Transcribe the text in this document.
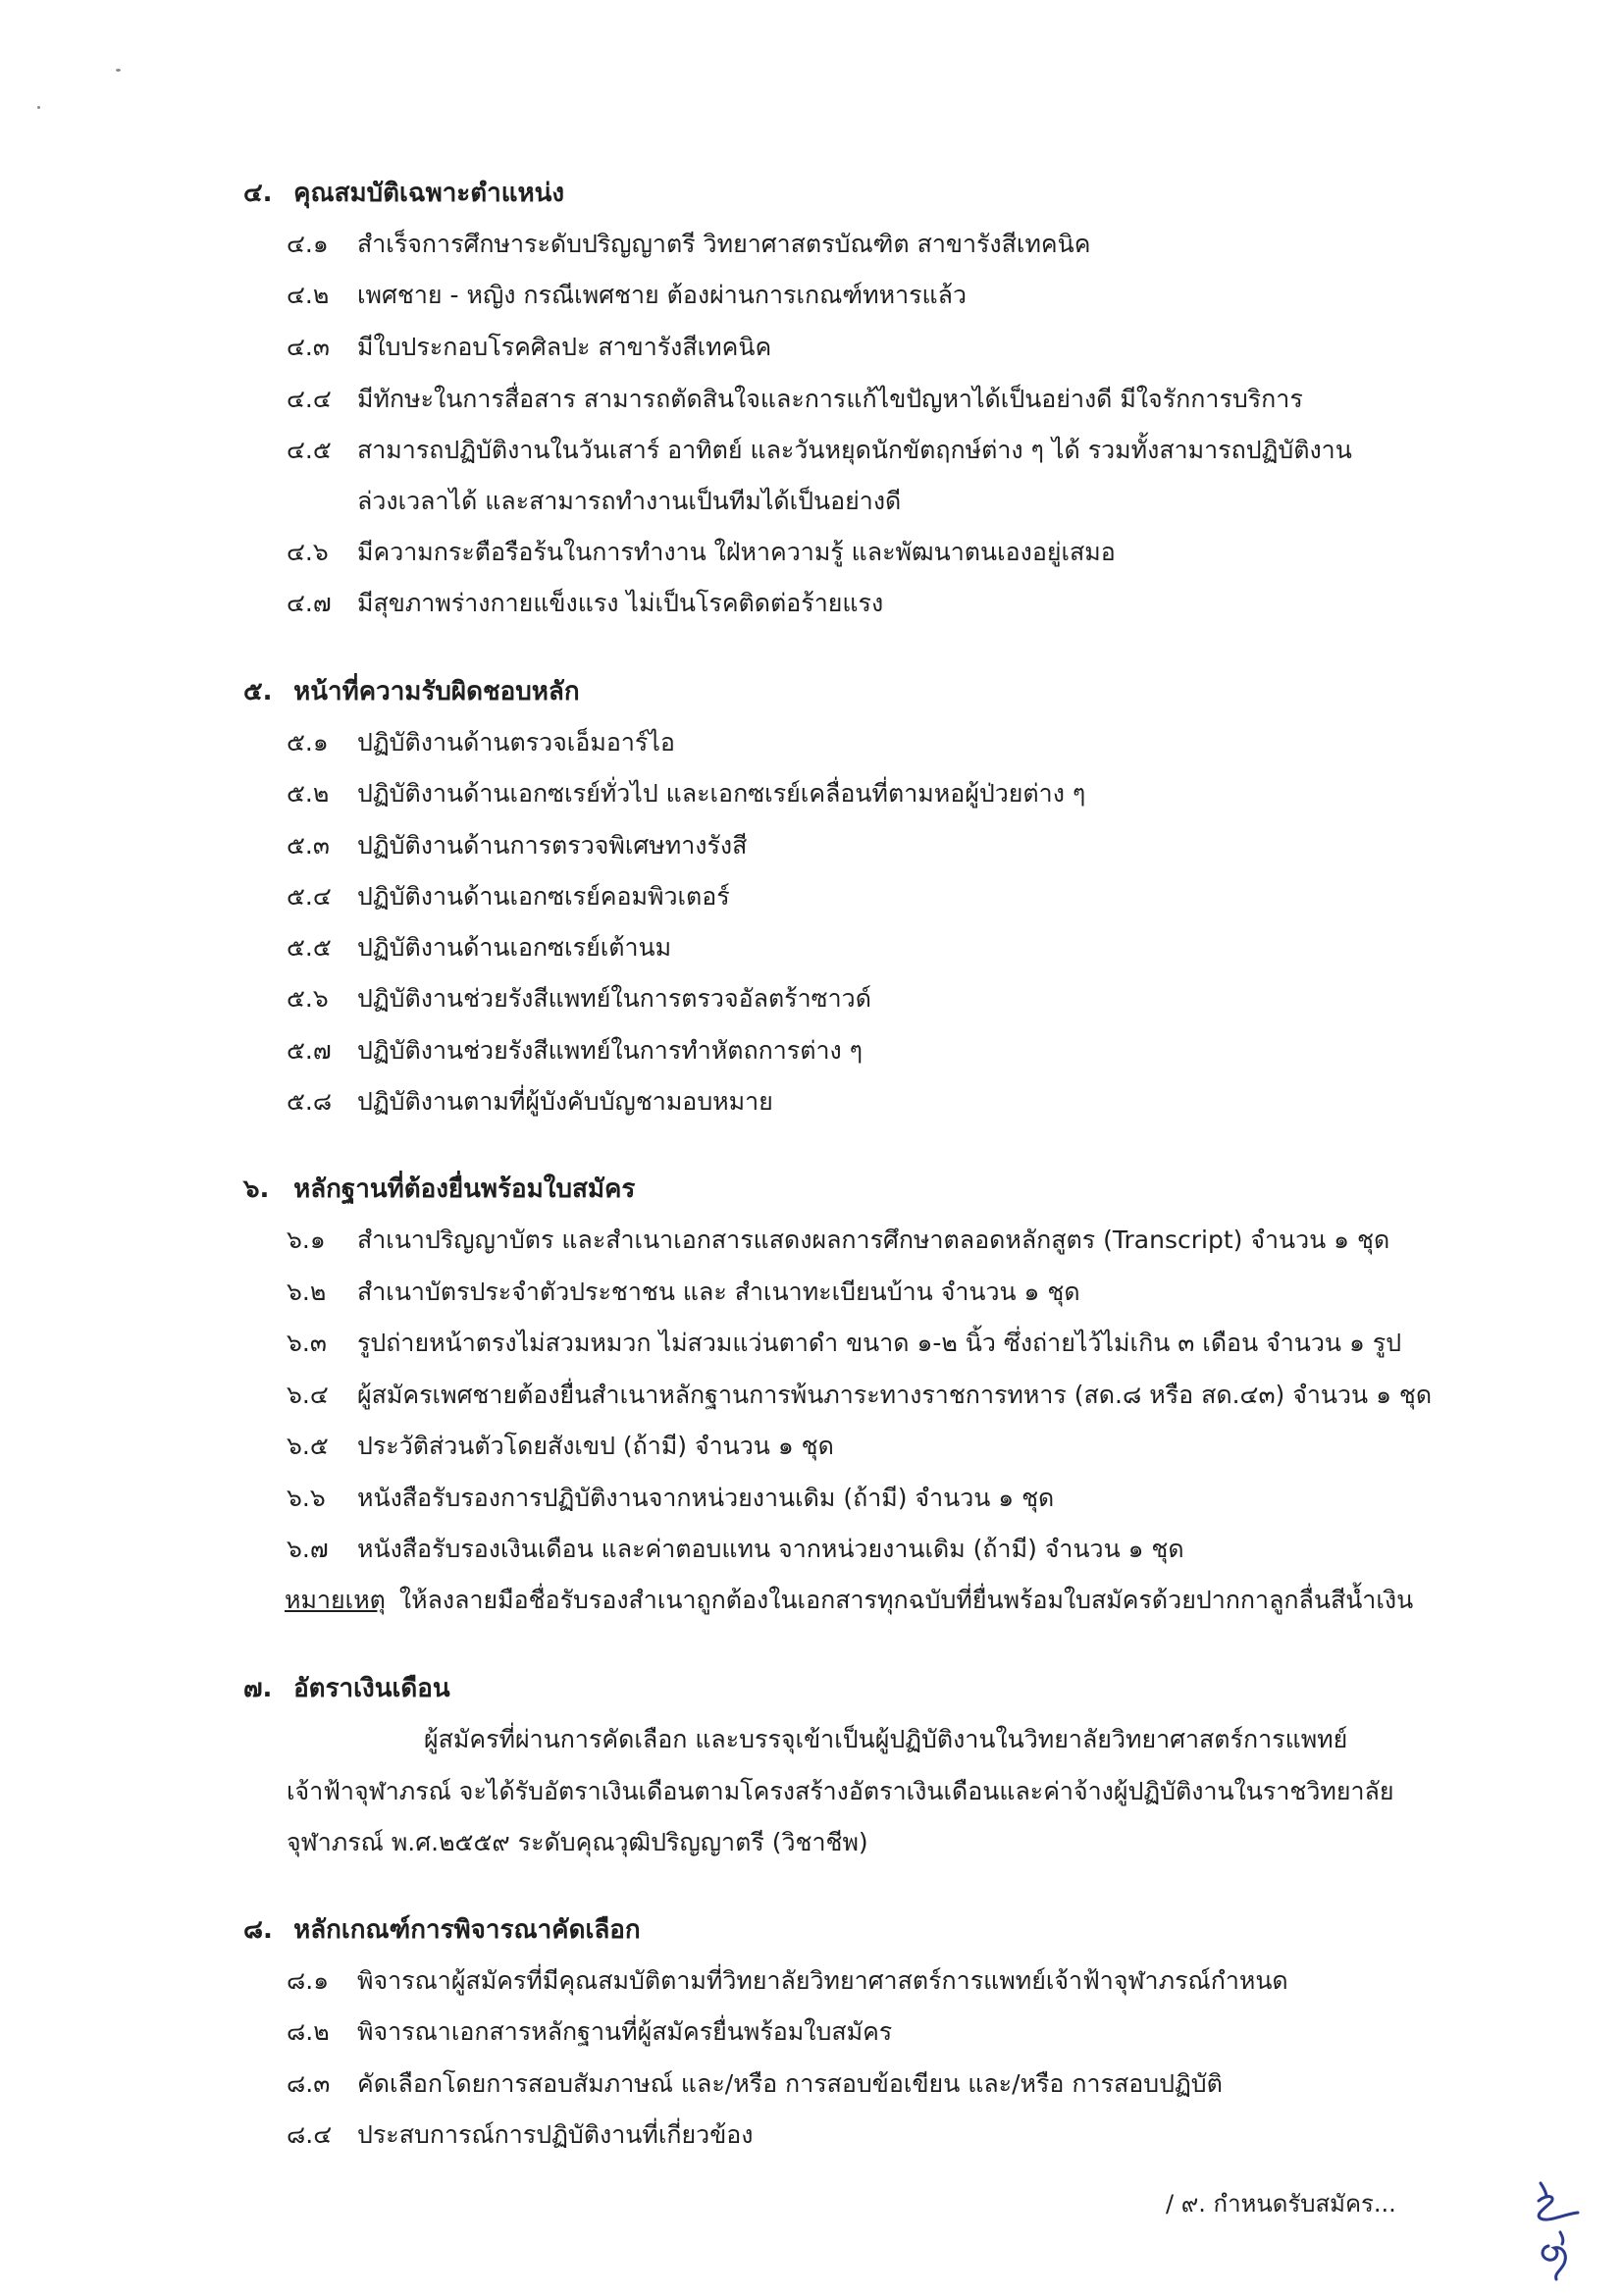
๔. คุณสมบัติเฉพาะตำแหน่ง
๔.๑ สำเร็จการศึกษาระดับปริญญาตรี วิทยาศาสตรบัณฑิต สาขารังสีเทคนิค
๔.๒ เพศชาย - หญิง กรณีเพศชาย ต้องผ่านการเกณฑ์ทหารแล้ว
๔.๓ มีใบประกอบโรคศิลปะ สาขารังสีเทคนิค
๔.๔ มีทักษะในการสื่อสาร สามารถตัดสินใจและการแก้ไขปัญหาได้เป็นอย่างดี มีใจรักการบริการ
๔.๕ สามารถปฏิบัติงานในวันเสาร์ อาทิตย์ และวันหยุดนักขัตฤกษ์ต่าง ๆ ได้ รวมทั้งสามารถปฏิบัติงาน
ล่วงเวลาได้ และสามารถทำงานเป็นทีมได้เป็นอย่างดี
๔.๖ มีความกระตือรือร้นในการทำงาน ใฝ่หาความรู้ และพัฒนาตนเองอยู่เสมอ
๔.๗ มีสุขภาพร่างกายแข็งแรง ไม่เป็นโรคติดต่อร้ายแรง
๕. หน้าที่ความรับผิดชอบหลัก
๕.๑ ปฏิบัติงานด้านตรวจเอ็มอาร์ไอ
๕.๒ ปฏิบัติงานด้านเอกซเรย์ทั่วไป และเอกซเรย์เคลื่อนที่ตามหอผู้ป่วยต่าง ๆ
๕.๓ ปฏิบัติงานด้านการตรวจพิเศษทางรังสี
๕.๔ ปฏิบัติงานด้านเอกซเรย์คอมพิวเตอร์
๕.๕ ปฏิบัติงานด้านเอกซเรย์เต้านม
๕.๖ ปฏิบัติงานช่วยรังสีแพทย์ในการตรวจอัลตร้าซาวด์
๕.๗ ปฏิบัติงานช่วยรังสีแพทย์ในการทำหัตถการต่าง ๆ
๕.๘ ปฏิบัติงานตามที่ผู้บังคับบัญชามอบหมาย
๖. หลักฐานที่ต้องยื่นพร้อมใบสมัคร
๖.๑ สำเนาปริญญาบัตร และสำเนาเอกสารแสดงผลการศึกษาตลอดหลักสูตร (Transcript) จำนวน ๑ ชุด
๖.๒ สำเนาบัตรประจำตัวประชาชน และ สำเนาทะเบียนบ้าน จำนวน ๑ ชุด
๖.๓ รูปถ่ายหน้าตรงไม่สวมหมวก ไม่สวมแว่นตาดำ ขนาด ๑-๒ นิ้ว ซึ่งถ่ายไว้ไม่เกิน ๓ เดือน จำนวน ๑ รูป
๖.๔ ผู้สมัครเพศชายต้องยื่นสำเนาหลักฐานการพ้นภาระทางราชการทหาร (สด.๘ หรือ สด.๔๓) จำนวน ๑ ชุด
๖.๕ ประวัติส่วนตัวโดยสังเขป (ถ้ามี) จำนวน ๑ ชุด
๖.๖ หนังสือรับรองการปฏิบัติงานจากหน่วยงานเดิม (ถ้ามี) จำนวน ๑ ชุด
๖.๗ หนังสือรับรองเงินเดือน และค่าตอบแทน จากหน่วยงานเดิม (ถ้ามี) จำนวน ๑ ชุด
หมายเหตุ ให้ลงลายมือชื่อรับรองสำเนาถูกต้องในเอกสารทุกฉบับที่ยื่นพร้อมใบสมัครด้วยปากกาลูกลื่นสีน้ำเงิน
๗. อัตราเงินเดือน
ผู้สมัครที่ผ่านการคัดเลือก และบรรจุเข้าเป็นผู้ปฏิบัติงานในวิทยาลัยวิทยาศาสตร์การแพทย์
เจ้าฟ้าจุฬาภรณ์ จะได้รับอัตราเงินเดือนตามโครงสร้างอัตราเงินเดือนและค่าจ้างผู้ปฏิบัติงานในราชวิทยาลัย
จุฬาภรณ์ พ.ศ.๒๕๕๙ ระดับคุณวุฒิปริญญาตรี (วิชาชีพ)
๘. หลักเกณฑ์การพิจารณาคัดเลือก
๘.๑ พิจารณาผู้สมัครที่มีคุณสมบัติตามที่วิทยาลัยวิทยาศาสตร์การแพทย์เจ้าฟ้าจุฬาภรณ์กำหนด
๘.๒ พิจารณาเอกสารหลักฐานที่ผู้สมัครยื่นพร้อมใบสมัคร
๘.๓ คัดเลือกโดยการสอบสัมภาษณ์ และ/หรือ การสอบข้อเขียน และ/หรือ การสอบปฏิบัติ
๘.๔ ประสบการณ์การปฏิบัติงานที่เกี่ยวข้อง
/ ๙. กำหนดรับสมัคร...
